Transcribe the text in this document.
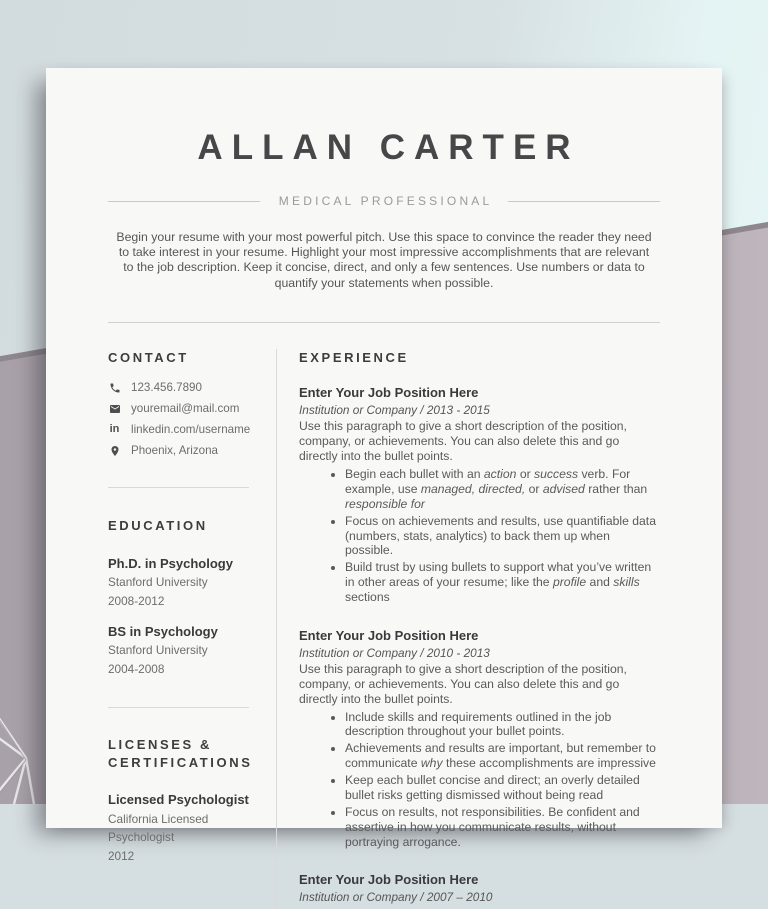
ALLAN CARTER
MEDICAL PROFESSIONAL

Begin your resume with your most powerful pitch. Use this space to convince the reader they need to take interest in your resume. Highlight your most impressive accomplishments that are relevant to the job description. Keep it concise, direct, and only a few sentences. Use numbers or data to quantify your statements when possible.

CONTACT
123.456.7890
youremail@mail.com
in linkedin.com/username
Phoenix, Arizona
EDUCATION
Ph.D. in Psychology
Stanford University
2008-2012
BS in Psychology
Stanford University
2004-2008
LICENSES & CERTIFICATIONS
Licensed Psychologist
California Licensed
Psychologist
2012
EXPERIENCE
Enter Your Job Position Here
Institution or Company / 2013 - 2015

Use this paragraph to give a short description of the position, company, or achievements. You can also delete this and go directly into the bullet points.

• Begin each bullet with an action or success verb. For example, use managed, directed, or advised rather than responsible for
• Focus on achievements and results, use quantifiable data (numbers, stats, analytics) to back them up when possible.
• Build trust by using bullets to support what you’ve written in other areas of your resume; like the profile and skills sections
Enter Your Job Position Here
Institution or Company / 2010 - 2013

Use this paragraph to give a short description of the position, company, or achievements. You can also delete this and go directly into the bullet points.

• Include skills and requirements outlined in the job description throughout your bullet points.
• Achievements and results are important, but remember to communicate why these accomplishments are impressive
• Keep each bullet concise and direct; an overly detailed bullet risks getting dismissed without being read
• Focus on results, not responsibilities. Be confident and assertive in how you communicate results, without portraying arrogance.
Enter Your Job Position Here
Institution or Company / 2007 – 2010
